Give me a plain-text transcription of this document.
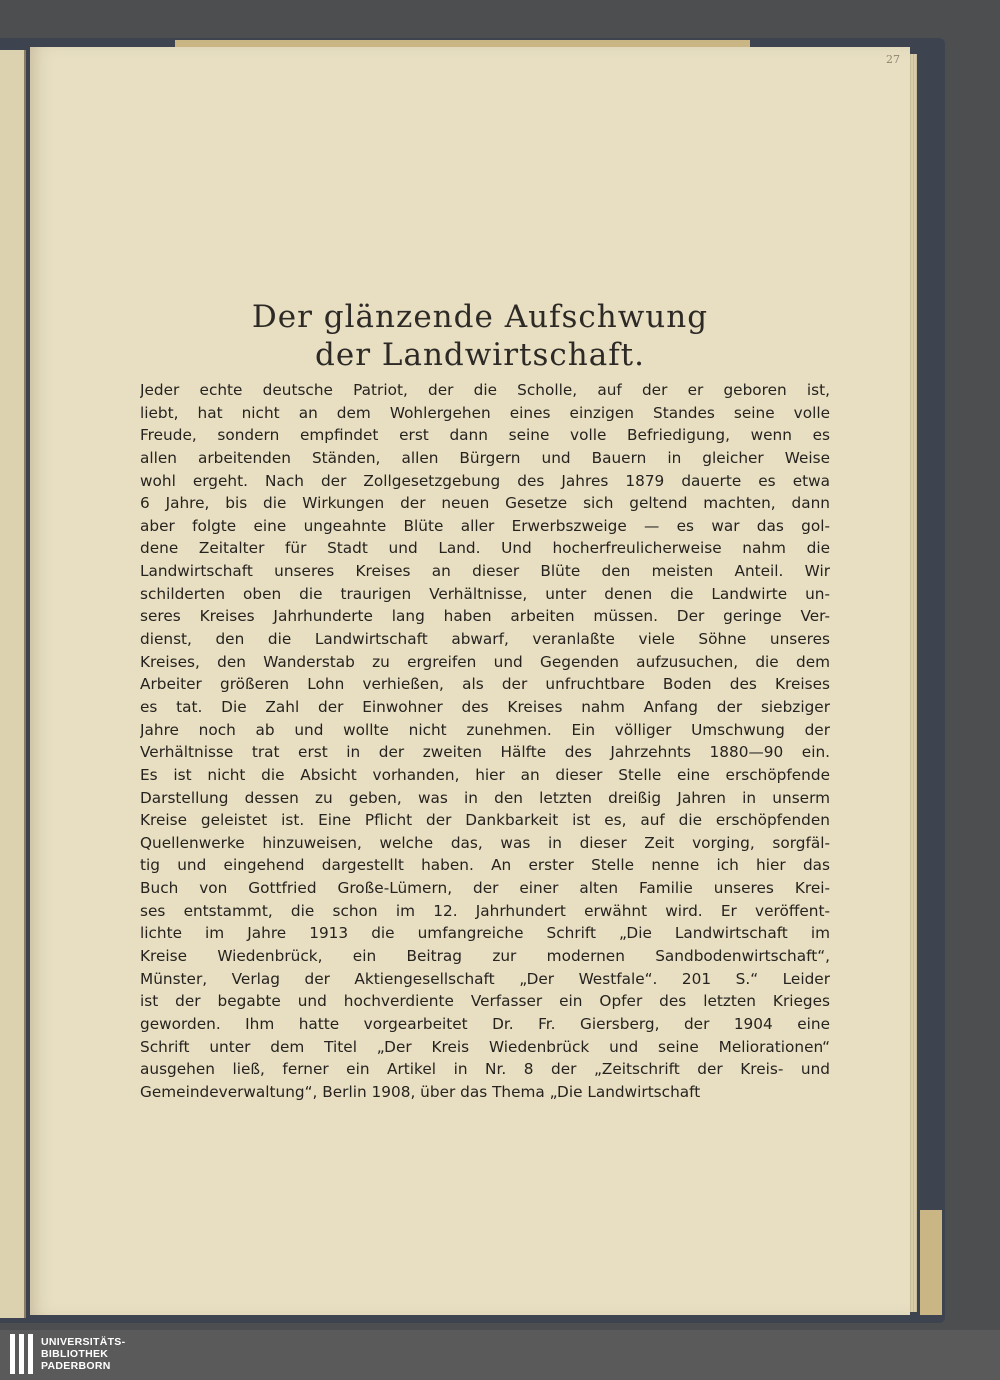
27
Der glänzende Aufschwung
der Landwirtschaft.
Jeder echte deutsche Patriot, der die Scholle, auf der er geboren ist,
liebt, hat nicht an dem Wohlergehen eines einzigen Standes seine volle
Freude, sondern empfindet erst dann seine volle Befriedigung, wenn es
allen arbeitenden Ständen, allen Bürgern und Bauern in gleicher Weise
wohl ergeht. Nach der Zollgesetzgebung des Jahres 1879 dauerte es etwa
6 Jahre, bis die Wirkungen der neuen Gesetze sich geltend machten, dann
aber folgte eine ungeahnte Blüte aller Erwerbszweige — es war das gol-
dene Zeitalter für Stadt und Land. Und hocherfreulicherweise nahm die
Landwirtschaft unseres Kreises an dieser Blüte den meisten Anteil. Wir
schilderten oben die traurigen Verhältnisse, unter denen die Landwirte un-
seres Kreises Jahrhunderte lang haben arbeiten müssen. Der geringe Ver-
dienst, den die Landwirtschaft abwarf, veranlaßte viele Söhne unseres
Kreises, den Wanderstab zu ergreifen und Gegenden aufzusuchen, die dem
Arbeiter größeren Lohn verhießen, als der unfruchtbare Boden des Kreises
es tat. Die Zahl der Einwohner des Kreises nahm Anfang der siebziger
Jahre noch ab und wollte nicht zunehmen. Ein völliger Umschwung der
Verhältnisse trat erst in der zweiten Hälfte des Jahrzehnts 1880—90 ein.
Es ist nicht die Absicht vorhanden, hier an dieser Stelle eine erschöpfende
Darstellung dessen zu geben, was in den letzten dreißig Jahren in unserm
Kreise geleistet ist. Eine Pflicht der Dankbarkeit ist es, auf die erschöpfenden
Quellenwerke hinzuweisen, welche das, was in dieser Zeit vorging, sorgfäl-
tig und eingehend dargestellt haben. An erster Stelle nenne ich hier das
Buch von Gottfried Große-Lümern, der einer alten Familie unseres Krei-
ses entstammt, die schon im 12. Jahrhundert erwähnt wird. Er veröffent-
lichte im Jahre 1913 die umfangreiche Schrift „Die Landwirtschaft im
Kreise Wiedenbrück, ein Beitrag zur modernen Sandbodenwirtschaft“,
Münster, Verlag der Aktiengesellschaft „Der Westfale“. 201 S.“ Leider
ist der begabte und hochverdiente Verfasser ein Opfer des letzten Krieges
geworden. Ihm hatte vorgearbeitet Dr. Fr. Giersberg, der 1904 eine
Schrift unter dem Titel „Der Kreis Wiedenbrück und seine Meliorationen“
ausgehen ließ, ferner ein Artikel in Nr. 8 der „Zeitschrift der Kreis- und
Gemeindeverwaltung“, Berlin 1908, über das Thema „Die Landwirtschaft
UNIVERSITÄTS-
BIBLIOTHEK
PADERBORN
